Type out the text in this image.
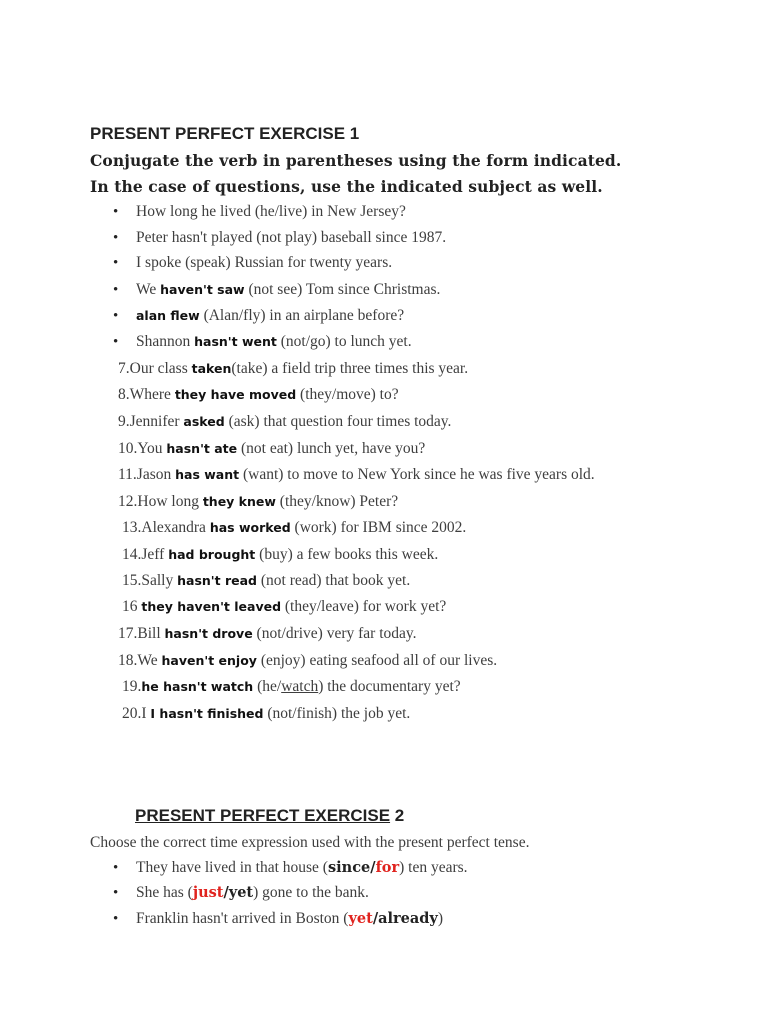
PRESENT PERFECT EXERCISE 1
Conjugate the verb in parentheses using the form indicated.
In the case of questions, use the indicated subject as well.
• How long he lived (he/live) in New Jersey?
• Peter hasn't played (not play) baseball since 1987.
• I spoke (speak) Russian for twenty years.
• We haven't saw (not see) Tom since Christmas.
• alan flew (Alan/fly) in an airplane before?
• Shannon hasn't went (not/go) to lunch yet.
7.Our class taken(take) a field trip three times this year.
8.Where they have moved (they/move) to?
9.Jennifer asked (ask) that question four times today.
10.You hasn't ate (not eat) lunch yet, have you?
11.Jason has want (want) to move to New York since he was five years old.
12.How long they knew (they/know) Peter?
13.Alexandra has worked (work) for IBM since 2002.
14.Jeff had brought (buy) a few books this week.
15.Sally hasn't read (not read) that book yet.
16 they haven't leaved (they/leave) for work yet?
17.Bill hasn't drove (not/drive) very far today.
18.We haven't enjoy (enjoy) eating seafood all of our lives.
19.he hasn't watch (he/watch) the documentary yet?
20.I I hasn't finished (not/finish) the job yet.
PRESENT PERFECT EXERCISE 2
Choose the correct time expression used with the present perfect tense.
• They have lived in that house (since/for) ten years.
• She has (just/yet) gone to the bank.
• Franklin hasn't arrived in Boston (yet/already)
